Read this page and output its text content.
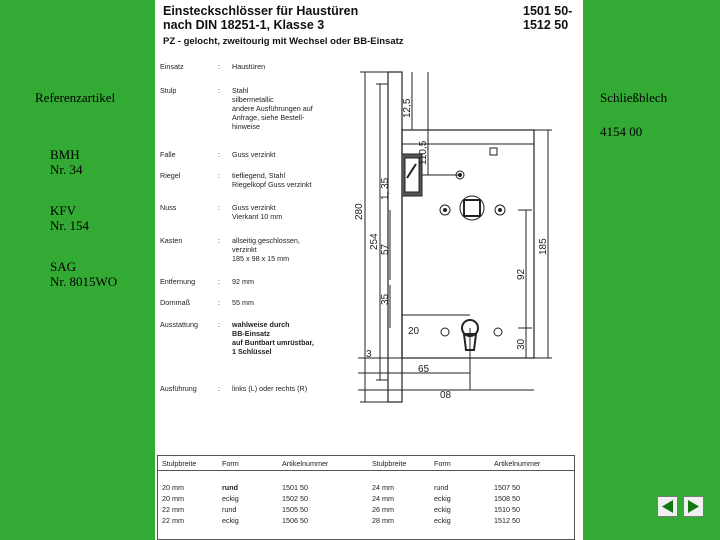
Referenzartikel
BMH
Nr. 34
KFV
Nr. 154
SAG
Nr. 8015WO
Schließblech
4154 00
Einsteckschlösser für Haustüren
nach DIN 18251-1, Klasse 3
PZ - gelocht, zweitourig mit Wechsel oder BB-Einsatz
1501 50-
1512 50
Einsatz	: Haustüren
Stulp	: Stahl
silbermetallic
andere Ausführungen auf
Anfrage, siehe Bestell-
hinweise
Falle	: Guss verzinkt
Riegel	: tiefliegend, Stahl
Riegelkopf Guss verzinkt
Nuss	: Guss verzinkt
Vierkant 10 mm
Kasten	: allseitig geschlossen,
verzinkt
185 x 98 x 15 mm
Entfernung	: 92 mm
Dornmaß	: 55 mm
Ausstattung	: wahlweise durch
BB-Einsatz
auf Buntbart umrüstbar,
1 Schlüssel
Ausführung	: links (L) oder rechts (R)
280
254
12,5
110,5
1, 35
57
35
185
92
30
20
3
65
08
Stulpbreite	Form	Artikelnummer	Stulpbreite	Form	Artikelnummer
20 mm	rund	1501 50	24 mm	rund	1507 50
20 mm	eckig	1502 50	24 mm	eckig	1508 50
22 mm	rund	1505 50	26 mm	eckig	1510 50
22 mm	eckig	1506 50	28 mm	eckig	1512 50
